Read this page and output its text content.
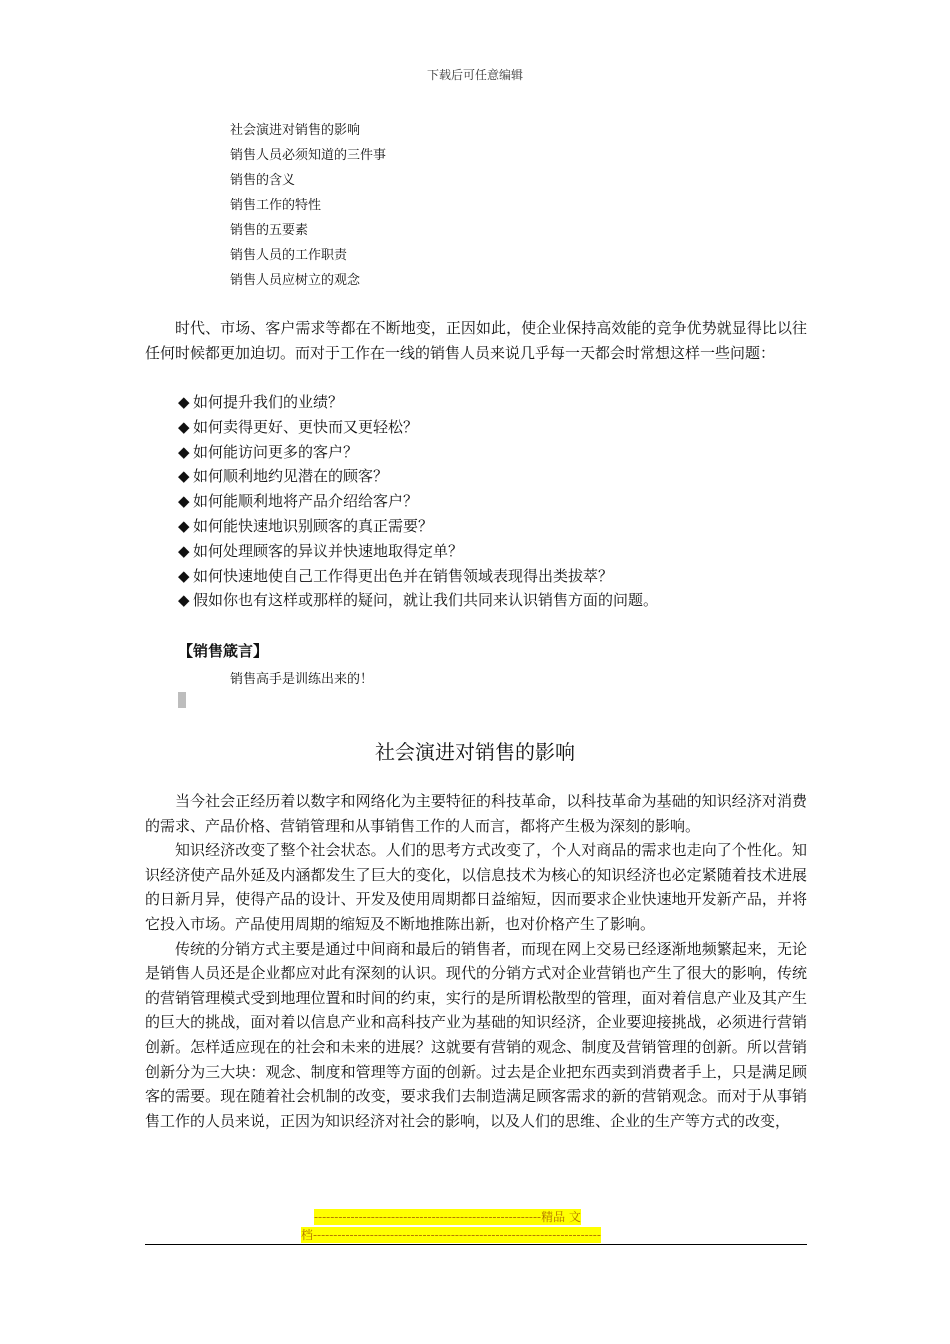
下载后可任意编辑
社会演进对销售的影响
销售人员必须知道的三件事
销售的含义
销售工作的特性
销售的五要素
销售人员的工作职责
销售人员应树立的观念

时代、市场、客户需求等都在不断地变，正因如此，使企业保持高效能的竞争优势就显得比以往任何时候都更加迫切。而对于工作在一线的销售人员来说几乎每一天都会时常想这样一些问题：

◆ 如何提升我们的业绩？
◆ 如何卖得更好、更快而又更轻松？
◆ 如何能访问更多的客户？
◆ 如何顺利地约见潜在的顾客？
◆ 如何能顺利地将产品介绍给客户？
◆ 如何能快速地识别顾客的真正需要？
◆ 如何处理顾客的异议并快速地取得定单？
◆ 如何快速地使自己工作得更出色并在销售领域表现得出类拔萃？
◆ 假如你也有这样或那样的疑问，就让我们共同来认识销售方面的问题。
【销售箴言】
销售高手是训练出来的！
社会演进对销售的影响

当今社会正经历着以数字和网络化为主要特征的科技革命，以科技革命为基础的知识经济对消费的需求、产品价格、营销管理和从事销售工作的人而言，都将产生极为深刻的影响。

知识经济改变了整个社会状态。人们的思考方式改变了，个人对商品的需求也走向了个性化。知识经济使产品外延及内涵都发生了巨大的变化，以信息技术为核心的知识经济也必定紧随着技术进展的日新月异，使得产品的设计、开发及使用周期都日益缩短，因而要求企业快速地开发新产品，并将它投入市场。产品使用周期的缩短及不断地推陈出新，也对价格产生了影响。

传统的分销方式主要是通过中间商和最后的销售者，而现在网上交易已经逐渐地频繁起来，无论是销售人员还是企业都应对此有深刻的认识。现代的分销方式对企业营销也产生了很大的影响，传统的营销管理模式受到地理位置和时间的约束，实行的是所谓松散型的管理，面对着信息产业及其产生的巨大的挑战，面对着以信息产业和高科技产业为基础的知识经济，企业要迎接挑战，必须进行营销创新。怎样适应现在的社会和未来的进展？这就要有营销的观念、制度及营销管理的创新。所以营销创新分为三大块：观念、制度和管理等方面的创新。过去是企业把东西卖到消费者手上，只是满足顾客的需要。现在随着社会机制的改变，要求我们去制造满足顾客需求的新的营销观念。而对于从事销售工作的人员来说，正因为知识经济对社会的影响，以及人们的思维、企业的生产等方式的改变，

--------------------------------------------------------精品 文
档-----------------------------------------------------------------------
